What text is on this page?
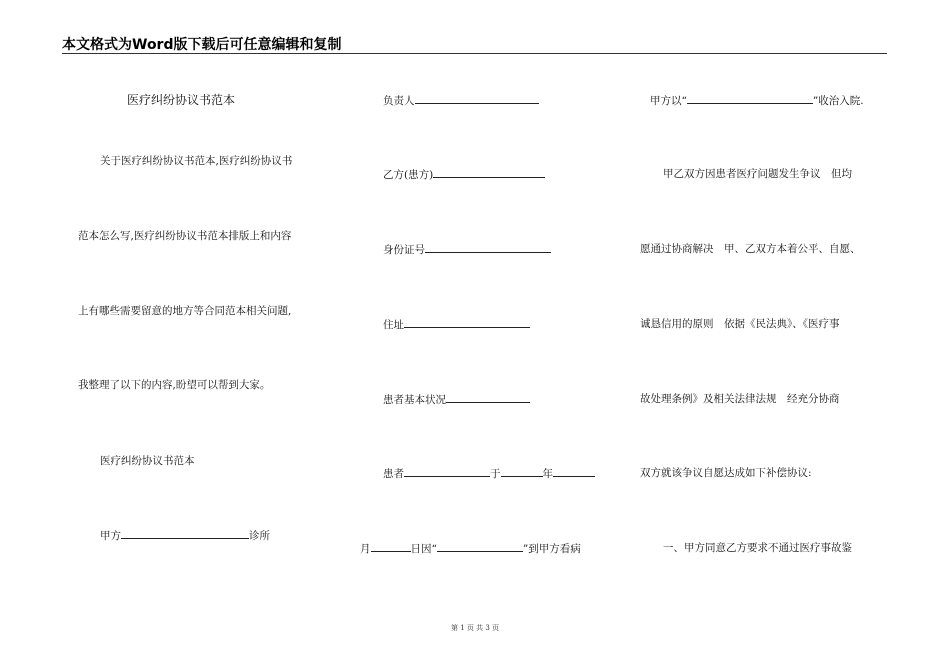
本文格式为Word版下载后可任意编辑和复制
医疗纠纷协议书范本
关于医疗纠纷协议书范本,医疗纠纷协议书
范本怎么写,医疗纠纷协议书范本排版上和内容
上有哪些需要留意的地方等合同范本相关问题,
我整理了以下的内容,盼望可以帮到大家。
医疗纠纷协议书范本
甲方	诊所
负责人
乙方(患方)
身份证号
住址
患者基本状况
患者	于	年
月	日因“	”到甲方看病
甲方以“	”收治入院.
甲乙双方因患者医疗问题发生争议　但均
愿通过协商解决　甲、乙双方本着公平、自愿、
诚恳信用的原则　依据《民法典》、《医疗事
故处理条例》及相关法律法规　经充分协商
双方就该争议自愿达成如下补偿协议:
一、甲方同意乙方要求不通过医疗事故鉴
第 1 页 共 3 页
